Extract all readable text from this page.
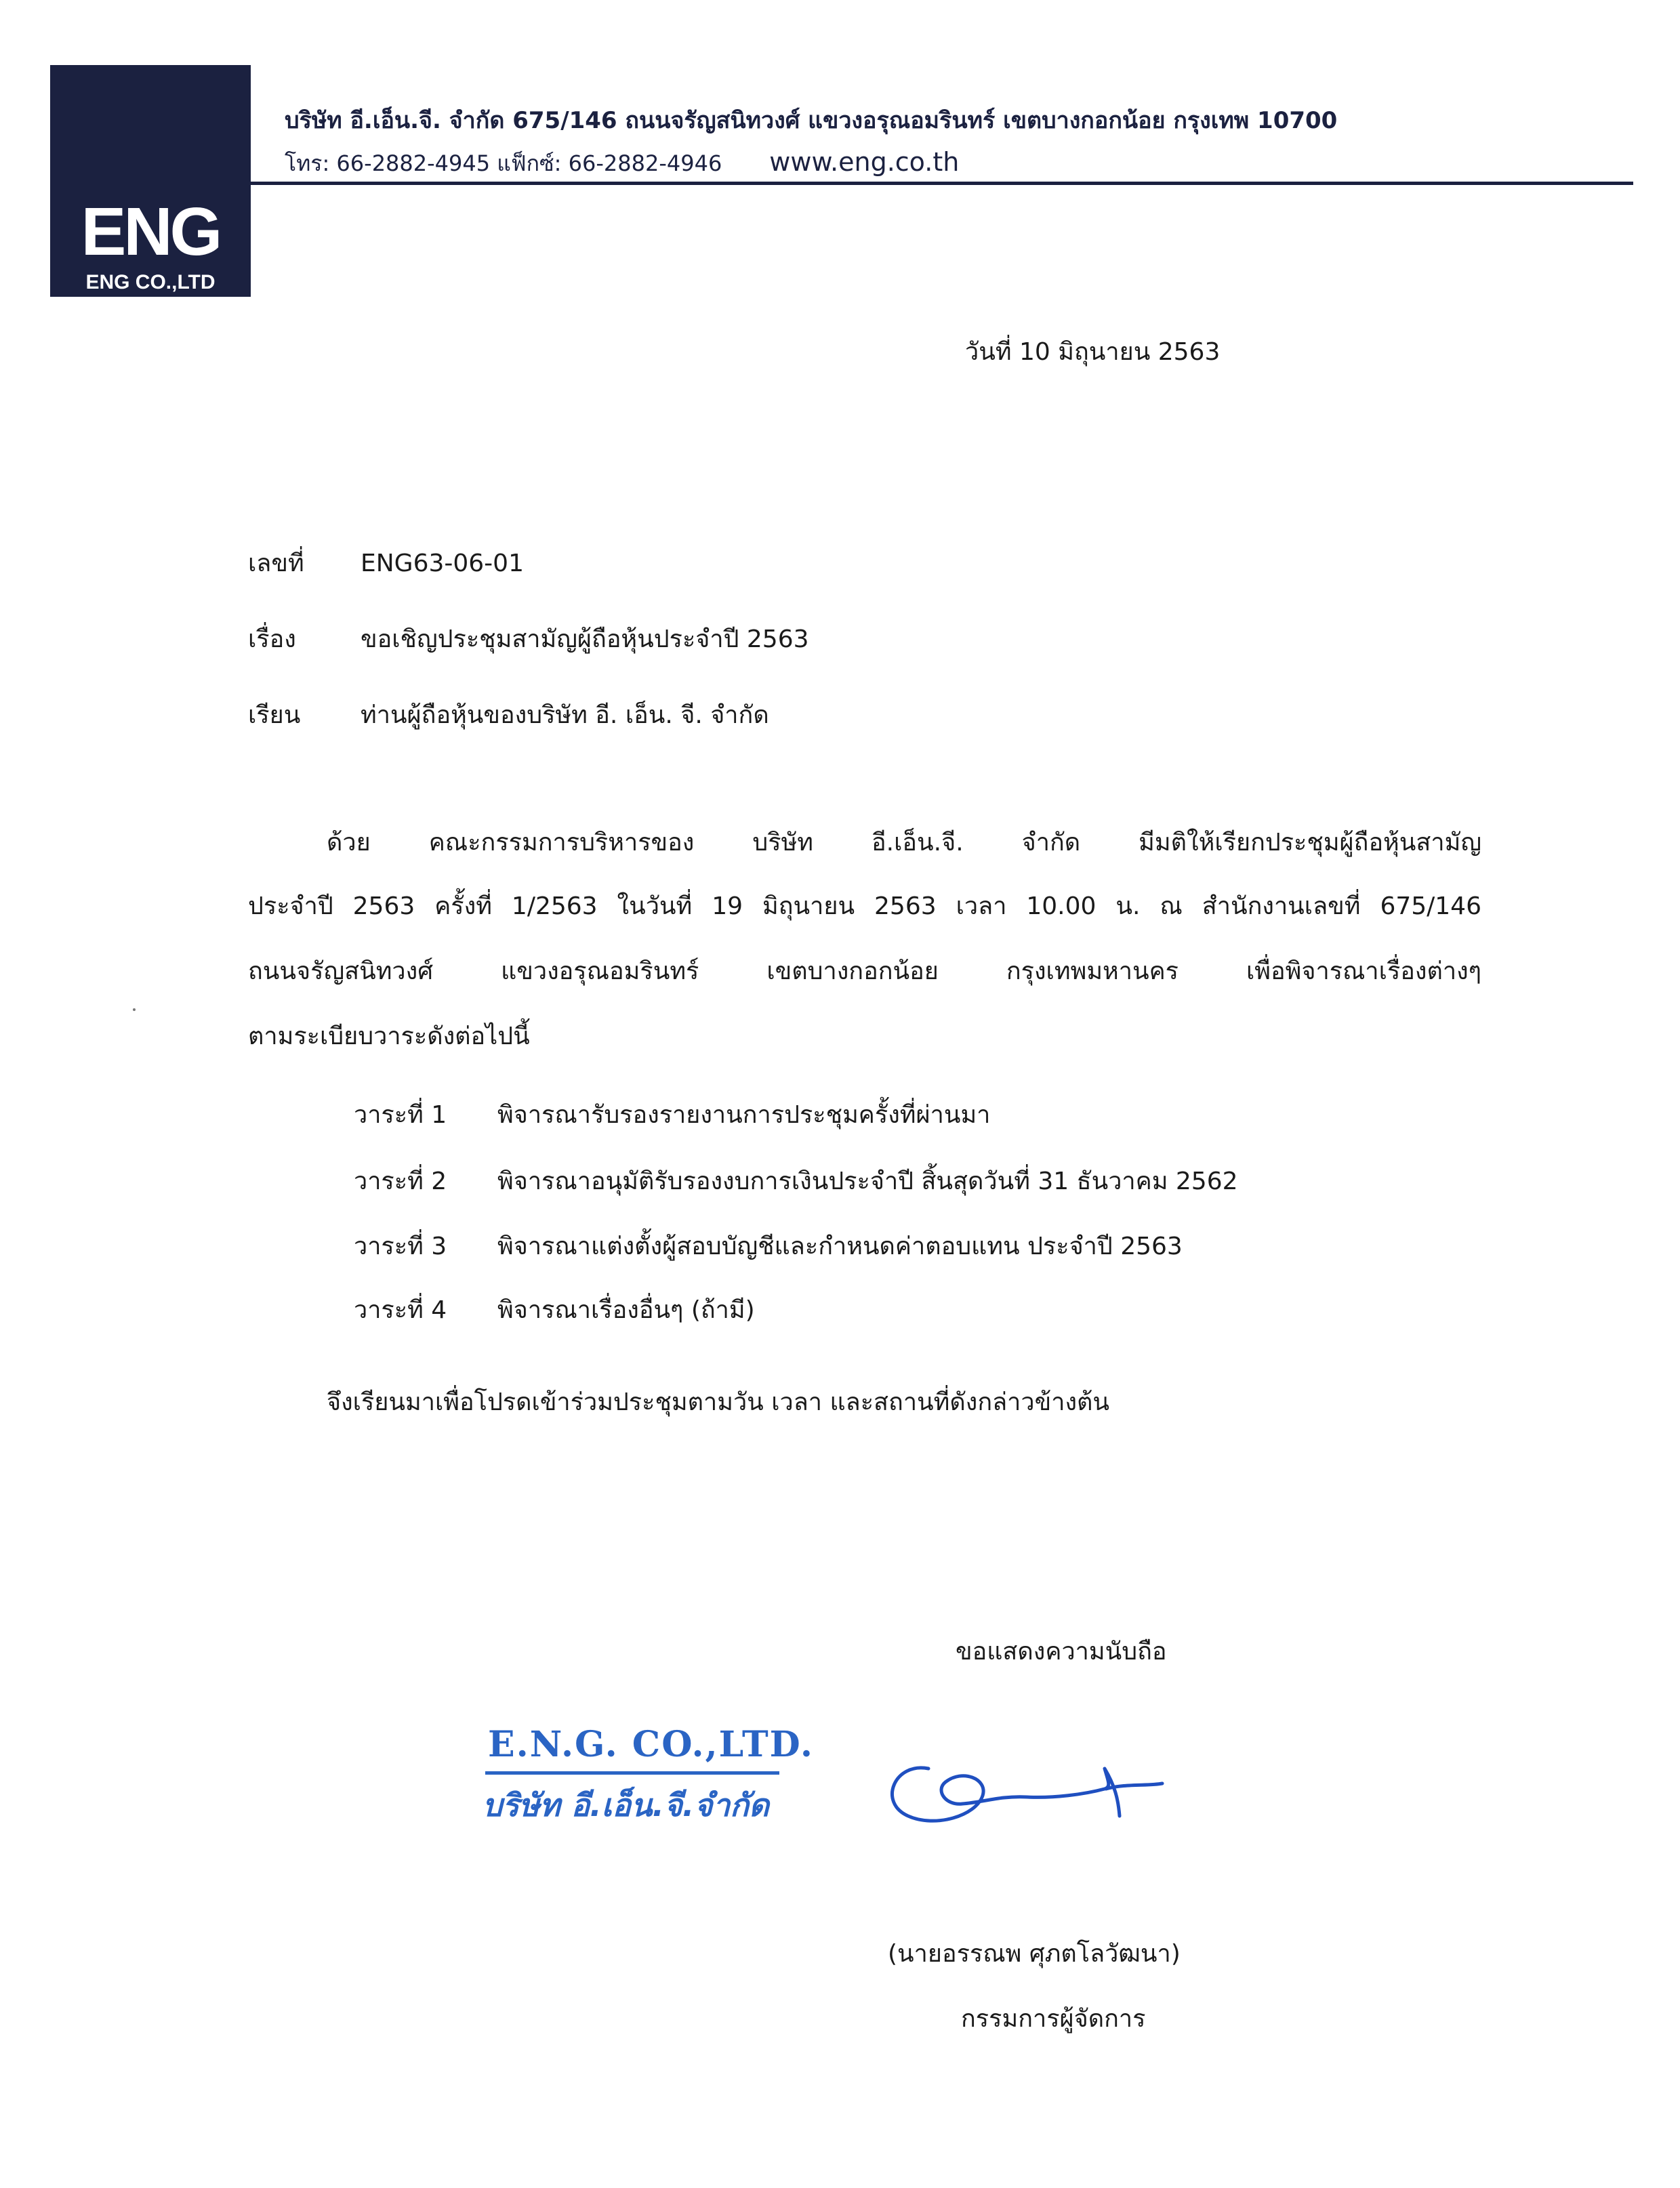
ENG
ENG CO.,LTD
บริษัท อี.เอ็น.จี. จำกัด 675/146 ถนนจรัญสนิทวงศ์ แขวงอรุณอมรินทร์ เขตบางกอกน้อย กรุงเทพ 10700
โทร: 66-2882-4945 แฟ็กซ์: 66-2882-4946 www.eng.co.th
วันที่ 10 มิถุนายน 2563
เลขที่ ENG63-06-01
เรื่อง	ขอเชิญประชุมสามัญผู้ถือหุ้นประจำปี 2563
เรียน ท่านผู้ถือหุ้นของบริษัท อี. เอ็น. จี. จำกัด
ด้วย คณะกรรมการบริหารของ บริษัท อี.เอ็น.จี. จำกัด มีมติให้เรียกประชุมผู้ถือหุ้นสามัญ
ประจำปี 2563 ครั้งที่ 1/2563 ในวันที่ 19 มิถุนายน 2563 เวลา 10.00 น. ณ สำนักงานเลขที่ 675/146
ถนนจรัญสนิทวงศ์ แขวงอรุณอมรินทร์ เขตบางกอกน้อย กรุงเทพมหานคร เพื่อพิจารณาเรื่องต่างๆ
ตามระเบียบวาระดังต่อไปนี้
วาระที่ 1 พิจารณารับรองรายงานการประชุมครั้งที่ผ่านมา
วาระที่ 2 พิจารณาอนุมัติรับรองงบการเงินประจำปี สิ้นสุดวันที่ 31 ธันวาคม 2562
วาระที่ 3 พิจารณาแต่งตั้งผู้สอบบัญชีและกำหนดค่าตอบแทน ประจำปี 2563
วาระที่ 4 พิจารณาเรื่องอื่นๆ (ถ้ามี)
จึงเรียนมาเพื่อโปรดเข้าร่วมประชุมตามวัน เวลา และสถานที่ดังกล่าวข้างต้น
ขอแสดงความนับถือ
E.N.G. CO.,LTD.
บริษัท อี.เอ็น.จี.จำกัด
(นายอรรณพ ศุภตโลวัฒนา)
กรรมการผู้จัดการ
